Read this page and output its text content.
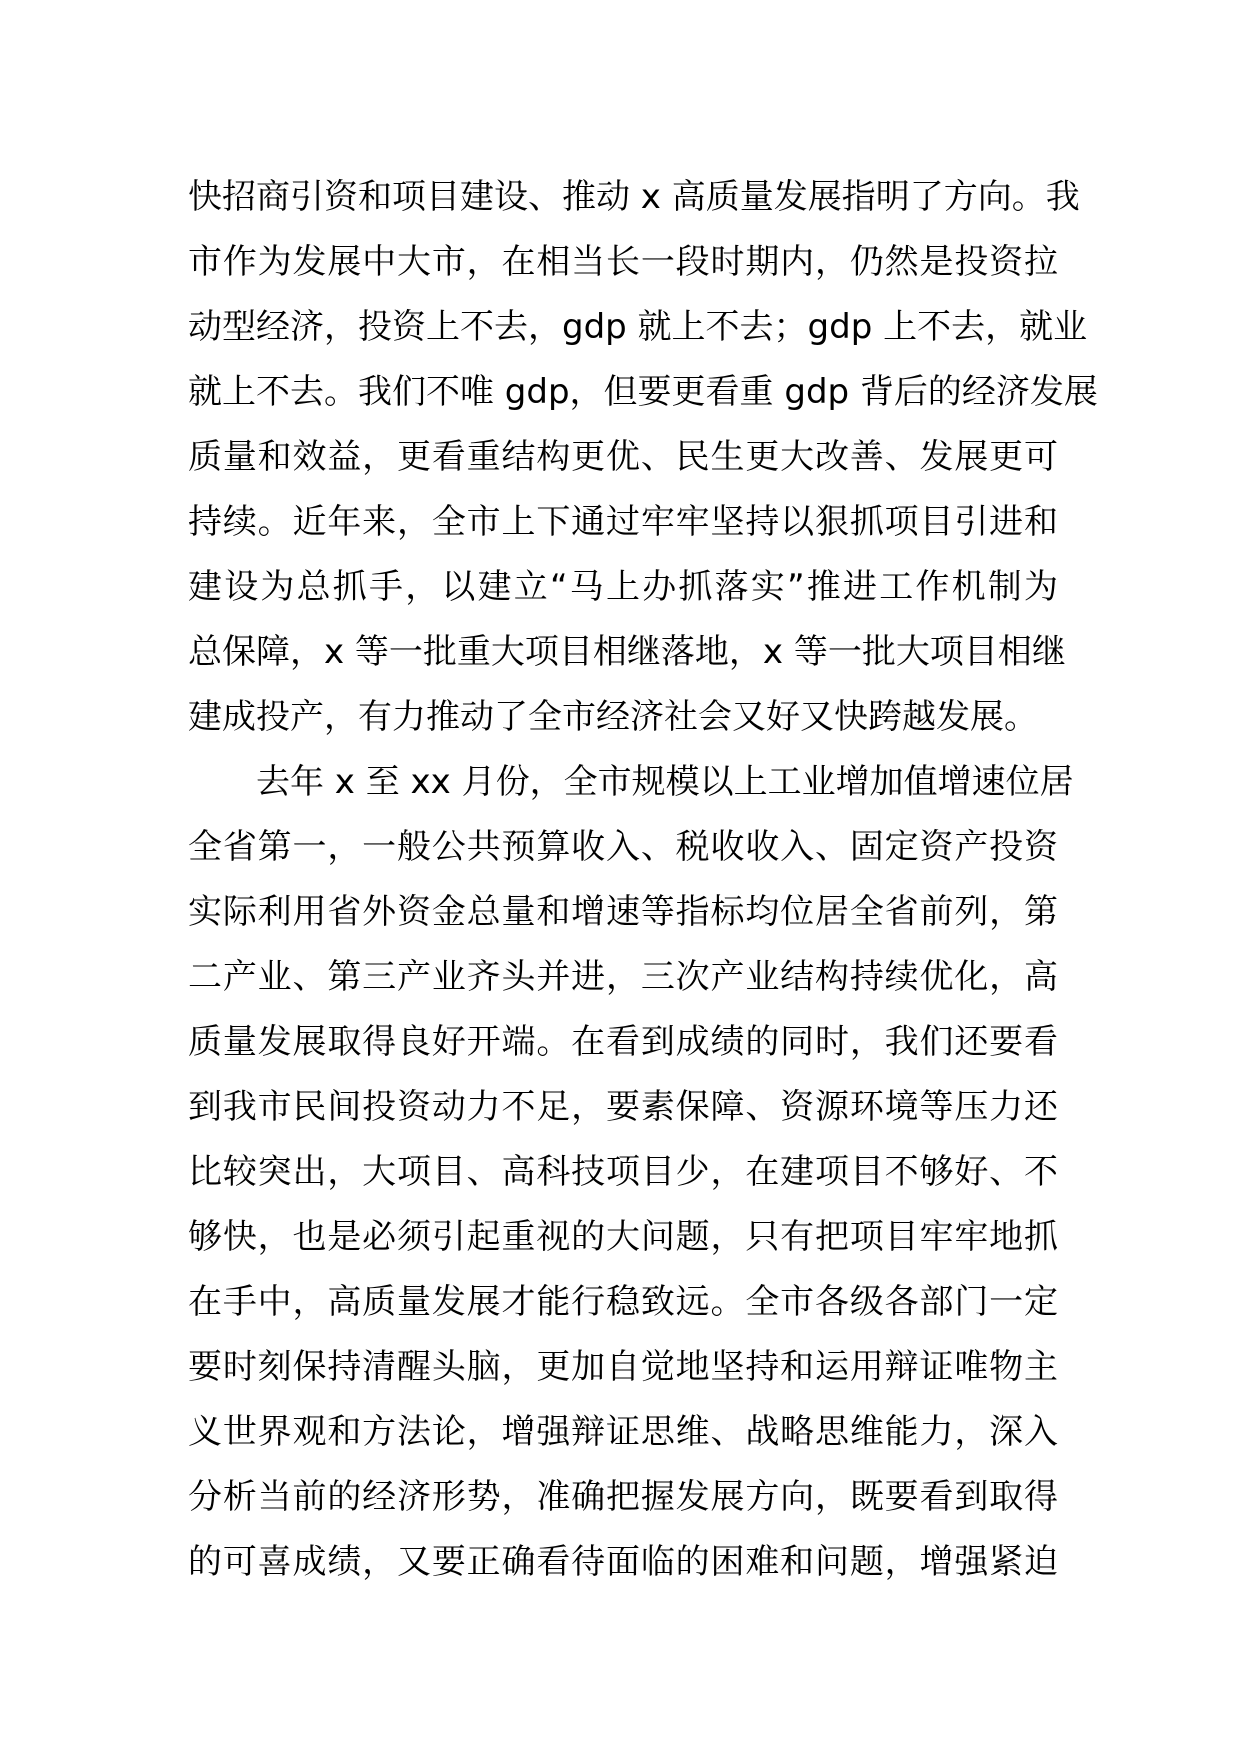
快招商引资和项目建设、推动 x 高质量发展指明了方向。我
市作为发展中大市，在相当长一段时期内，仍然是投资拉
动型经济，投资上不去，gdp 就上不去；gdp 上不去，就业
就上不去。我们不唯 gdp，但要更看重 gdp 背后的经济发展
质量和效益，更看重结构更优、民生更大改善、发展更可
持续。近年来，全市上下通过牢牢坚持以狠抓项目引进和
建设为总抓手，以建立“马上办抓落实”推进工作机制为
总保障，x 等一批重大项目相继落地，x 等一批大项目相继
建成投产，有力推动了全市经济社会又好又快跨越发展。
去年 x 至 xx 月份，全市规模以上工业增加值增速位居
全省第一，一般公共预算收入、税收收入、固定资产投资
实际利用省外资金总量和增速等指标均位居全省前列，第
二产业、第三产业齐头并进，三次产业结构持续优化，高
质量发展取得良好开端。在看到成绩的同时，我们还要看
到我市民间投资动力不足，要素保障、资源环境等压力还
比较突出，大项目、高科技项目少，在建项目不够好、不
够快，也是必须引起重视的大问题，只有把项目牢牢地抓
在手中，高质量发展才能行稳致远。全市各级各部门一定
要时刻保持清醒头脑，更加自觉地坚持和运用辩证唯物主
义世界观和方法论，增强辩证思维、战略思维能力，深入
分析当前的经济形势，准确把握发展方向，既要看到取得
的可喜成绩，又要正确看待面临的困难和问题，增强紧迫
